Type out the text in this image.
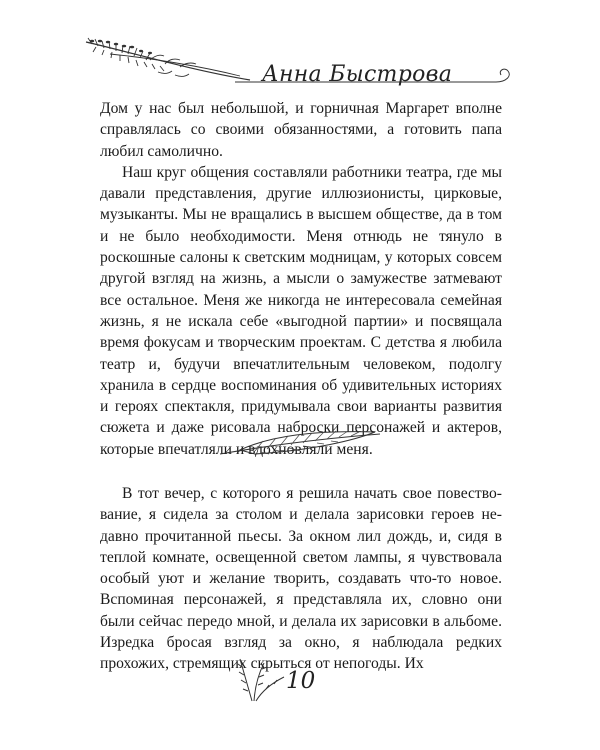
Анна Быстрова

Дом у нас был небольшой, и горничная Маргарет вполне справлялась со своими обязанностями, а готовить папа любил самолично.

Наш круг общения составляли работники театра, где мы давали представления, другие иллюзионисты, цирковые, музыканты. Мы не вращались в высшем обществе, да в том и не было необходимости. Меня отнюдь не тянуло в роскошные салоны к светским модницам, у которых совсем другой взгляд на жизнь, а мысли о замужестве затмевают все остальное. Меня же никогда не интересовала семейная жизнь, я не искала себе «выгодной партии» и посвящала время фокусам и творческим проектам. С детства я любила театр и, будучи впечатлительным человеком, подолгу хранила в сердце воспоминания об удивительных историях и героях спектакля, придумывала свои варианты развития сюжета и даже рисовала наброски персонажей и актеров, которые впечатляли и вдохновляли меня.

В тот вечер, с которого я решила начать свое повествование, я сидела за столом и делала зарисовки героев недавно прочитанной пьесы. За окном лил дождь, и, сидя в теплой комнате, освещенной светом лампы, я чувствовала особый уют и желание творить, создавать что-то новое. Вспоминая персонажей, я представляла их, словно они были сейчас передо мной, и делала их зарисовки в альбоме. Изредка бросая взгляд за окно, я наблюдала редких прохожих, стремящих скрыться от непогоды. Их

10
